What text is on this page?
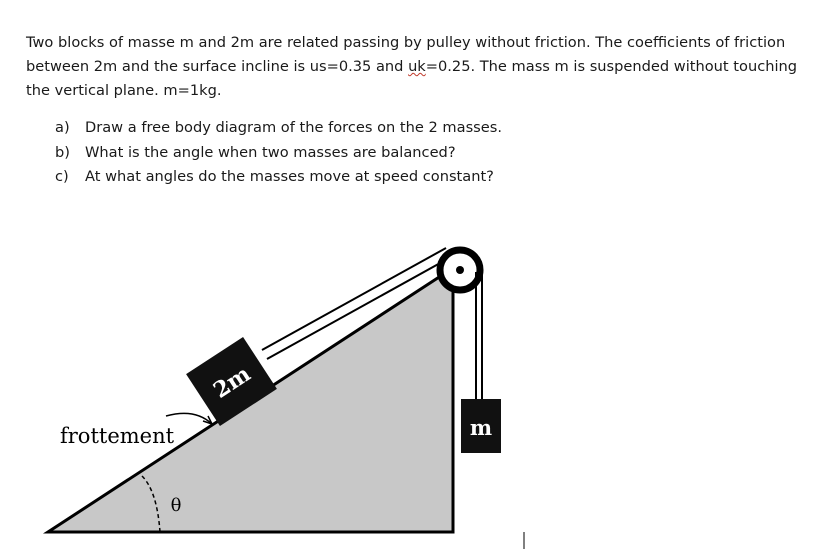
Two blocks of masse m and 2m are related passing by pulley without friction. The coefficients of friction
between 2m and the surface incline is us=0.35 and uk=0.25. The mass m is suspended without touching
the vertical plane. m=1kg.

a) Draw a free body diagram of the forces on the 2 masses.
b) What is the angle when two masses are balanced?
c) At what angles do the masses move at speed constant?
m
2m
frottement
θ
